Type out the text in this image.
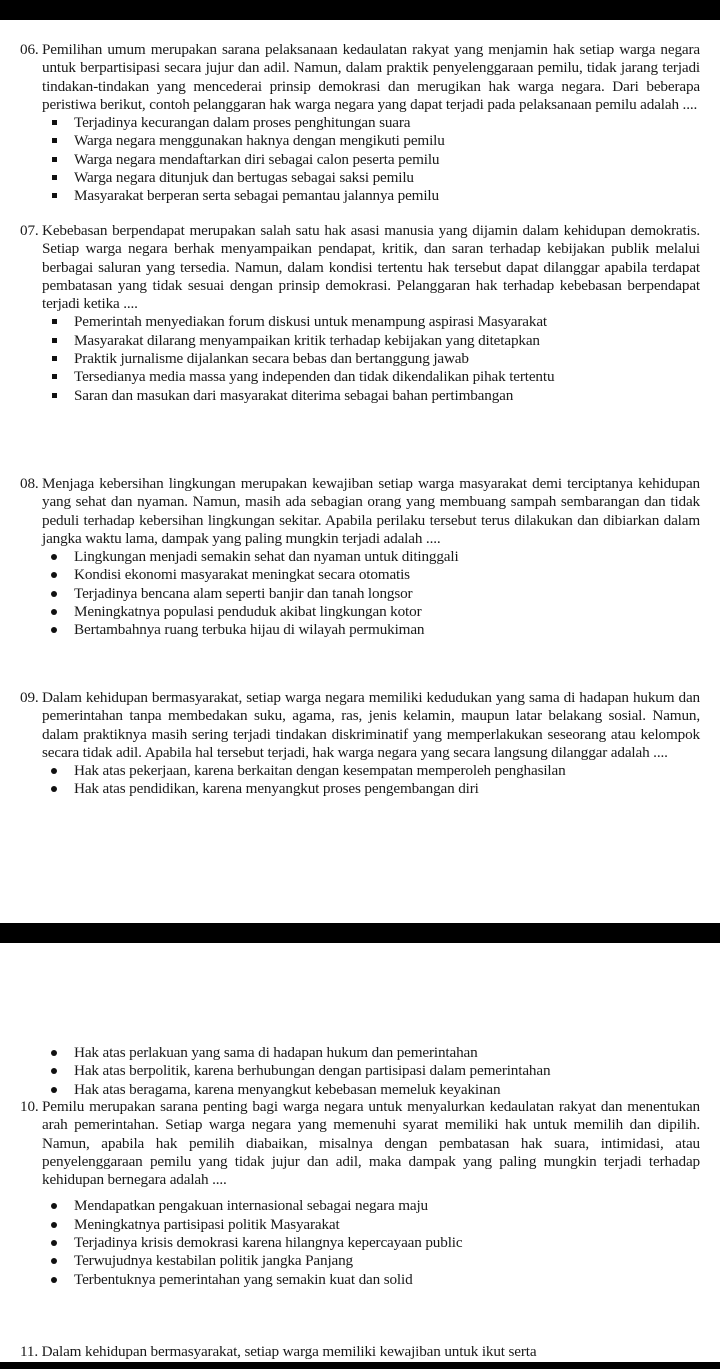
06. Pemilihan umum merupakan sarana pelaksanaan kedaulatan rakyat yang menjamin hak setiap warga negara untuk berpartisipasi secara jujur dan adil. Namun, dalam praktik penyelenggaraan pemilu, tidak jarang terjadi tindakan-tindakan yang mencederai prinsip demokrasi dan merugikan hak warga negara. Dari beberapa peristiwa berikut, contoh pelanggaran hak warga negara yang dapat terjadi pada pelaksanaan pemilu adalah ....
Terjadinya kecurangan dalam proses penghitungan suara
Warga negara menggunakan haknya dengan mengikuti pemilu
Warga negara mendaftarkan diri sebagai calon peserta pemilu
Warga negara ditunjuk dan bertugas sebagai saksi pemilu
Masyarakat berperan serta sebagai pemantau jalannya pemilu
07. Kebebasan berpendapat merupakan salah satu hak asasi manusia yang dijamin dalam kehidupan demokratis. Setiap warga negara berhak menyampaikan pendapat, kritik, dan saran terhadap kebijakan publik melalui berbagai saluran yang tersedia. Namun, dalam kondisi tertentu hak tersebut dapat dilanggar apabila terdapat pembatasan yang tidak sesuai dengan prinsip demokrasi. Pelanggaran hak terhadap kebebasan berpendapat terjadi ketika ....
Pemerintah menyediakan forum diskusi untuk menampung aspirasi Masyarakat
Masyarakat dilarang menyampaikan kritik terhadap kebijakan yang ditetapkan
Praktik jurnalisme dijalankan secara bebas dan bertanggung jawab
Tersedianya media massa yang independen dan tidak dikendalikan pihak tertentu
Saran dan masukan dari masyarakat diterima sebagai bahan pertimbangan
08. Menjaga kebersihan lingkungan merupakan kewajiban setiap warga masyarakat demi terciptanya kehidupan yang sehat dan nyaman. Namun, masih ada sebagian orang yang membuang sampah sembarangan dan tidak peduli terhadap kebersihan lingkungan sekitar. Apabila perilaku tersebut terus dilakukan dan dibiarkan dalam jangka waktu lama, dampak yang paling mungkin terjadi adalah ....
Lingkungan menjadi semakin sehat dan nyaman untuk ditinggali
Kondisi ekonomi masyarakat meningkat secara otomatis
Terjadinya bencana alam seperti banjir dan tanah longsor
Meningkatnya populasi penduduk akibat lingkungan kotor
Bertambahnya ruang terbuka hijau di wilayah permukiman
09. Dalam kehidupan bermasyarakat, setiap warga negara memiliki kedudukan yang sama di hadapan hukum dan pemerintahan tanpa membedakan suku, agama, ras, jenis kelamin, maupun latar belakang sosial. Namun, dalam praktiknya masih sering terjadi tindakan diskriminatif yang memperlakukan seseorang atau kelompok secara tidak adil. Apabila hal tersebut terjadi, hak warga negara yang secara langsung dilanggar adalah ....
Hak atas pekerjaan, karena berkaitan dengan kesempatan memperoleh penghasilan
Hak atas pendidikan, karena menyangkut proses pengembangan diri
Hak atas perlakuan yang sama di hadapan hukum dan pemerintahan
Hak atas berpolitik, karena berhubungan dengan partisipasi dalam pemerintahan
Hak atas beragama, karena menyangkut kebebasan memeluk keyakinan
10. Pemilu merupakan sarana penting bagi warga negara untuk menyalurkan kedaulatan rakyat dan menentukan arah pemerintahan. Setiap warga negara yang memenuhi syarat memiliki hak untuk memilih dan dipilih. Namun, apabila hak pemilih diabaikan, misalnya dengan pembatasan hak suara, intimidasi, atau penyelenggaraan pemilu yang tidak jujur dan adil, maka dampak yang paling mungkin terjadi terhadap kehidupan bernegara adalah ....
Mendapatkan pengakuan internasional sebagai negara maju
Meningkatnya partisipasi politik Masyarakat
Terjadinya krisis demokrasi karena hilangnya kepercayaan public
Terwujudnya kestabilan politik jangka Panjang
Terbentuknya pemerintahan yang semakin kuat dan solid
11. Dalam kehidupan bermasyarakat, setiap warga memiliki kewajiban untuk ikut serta
